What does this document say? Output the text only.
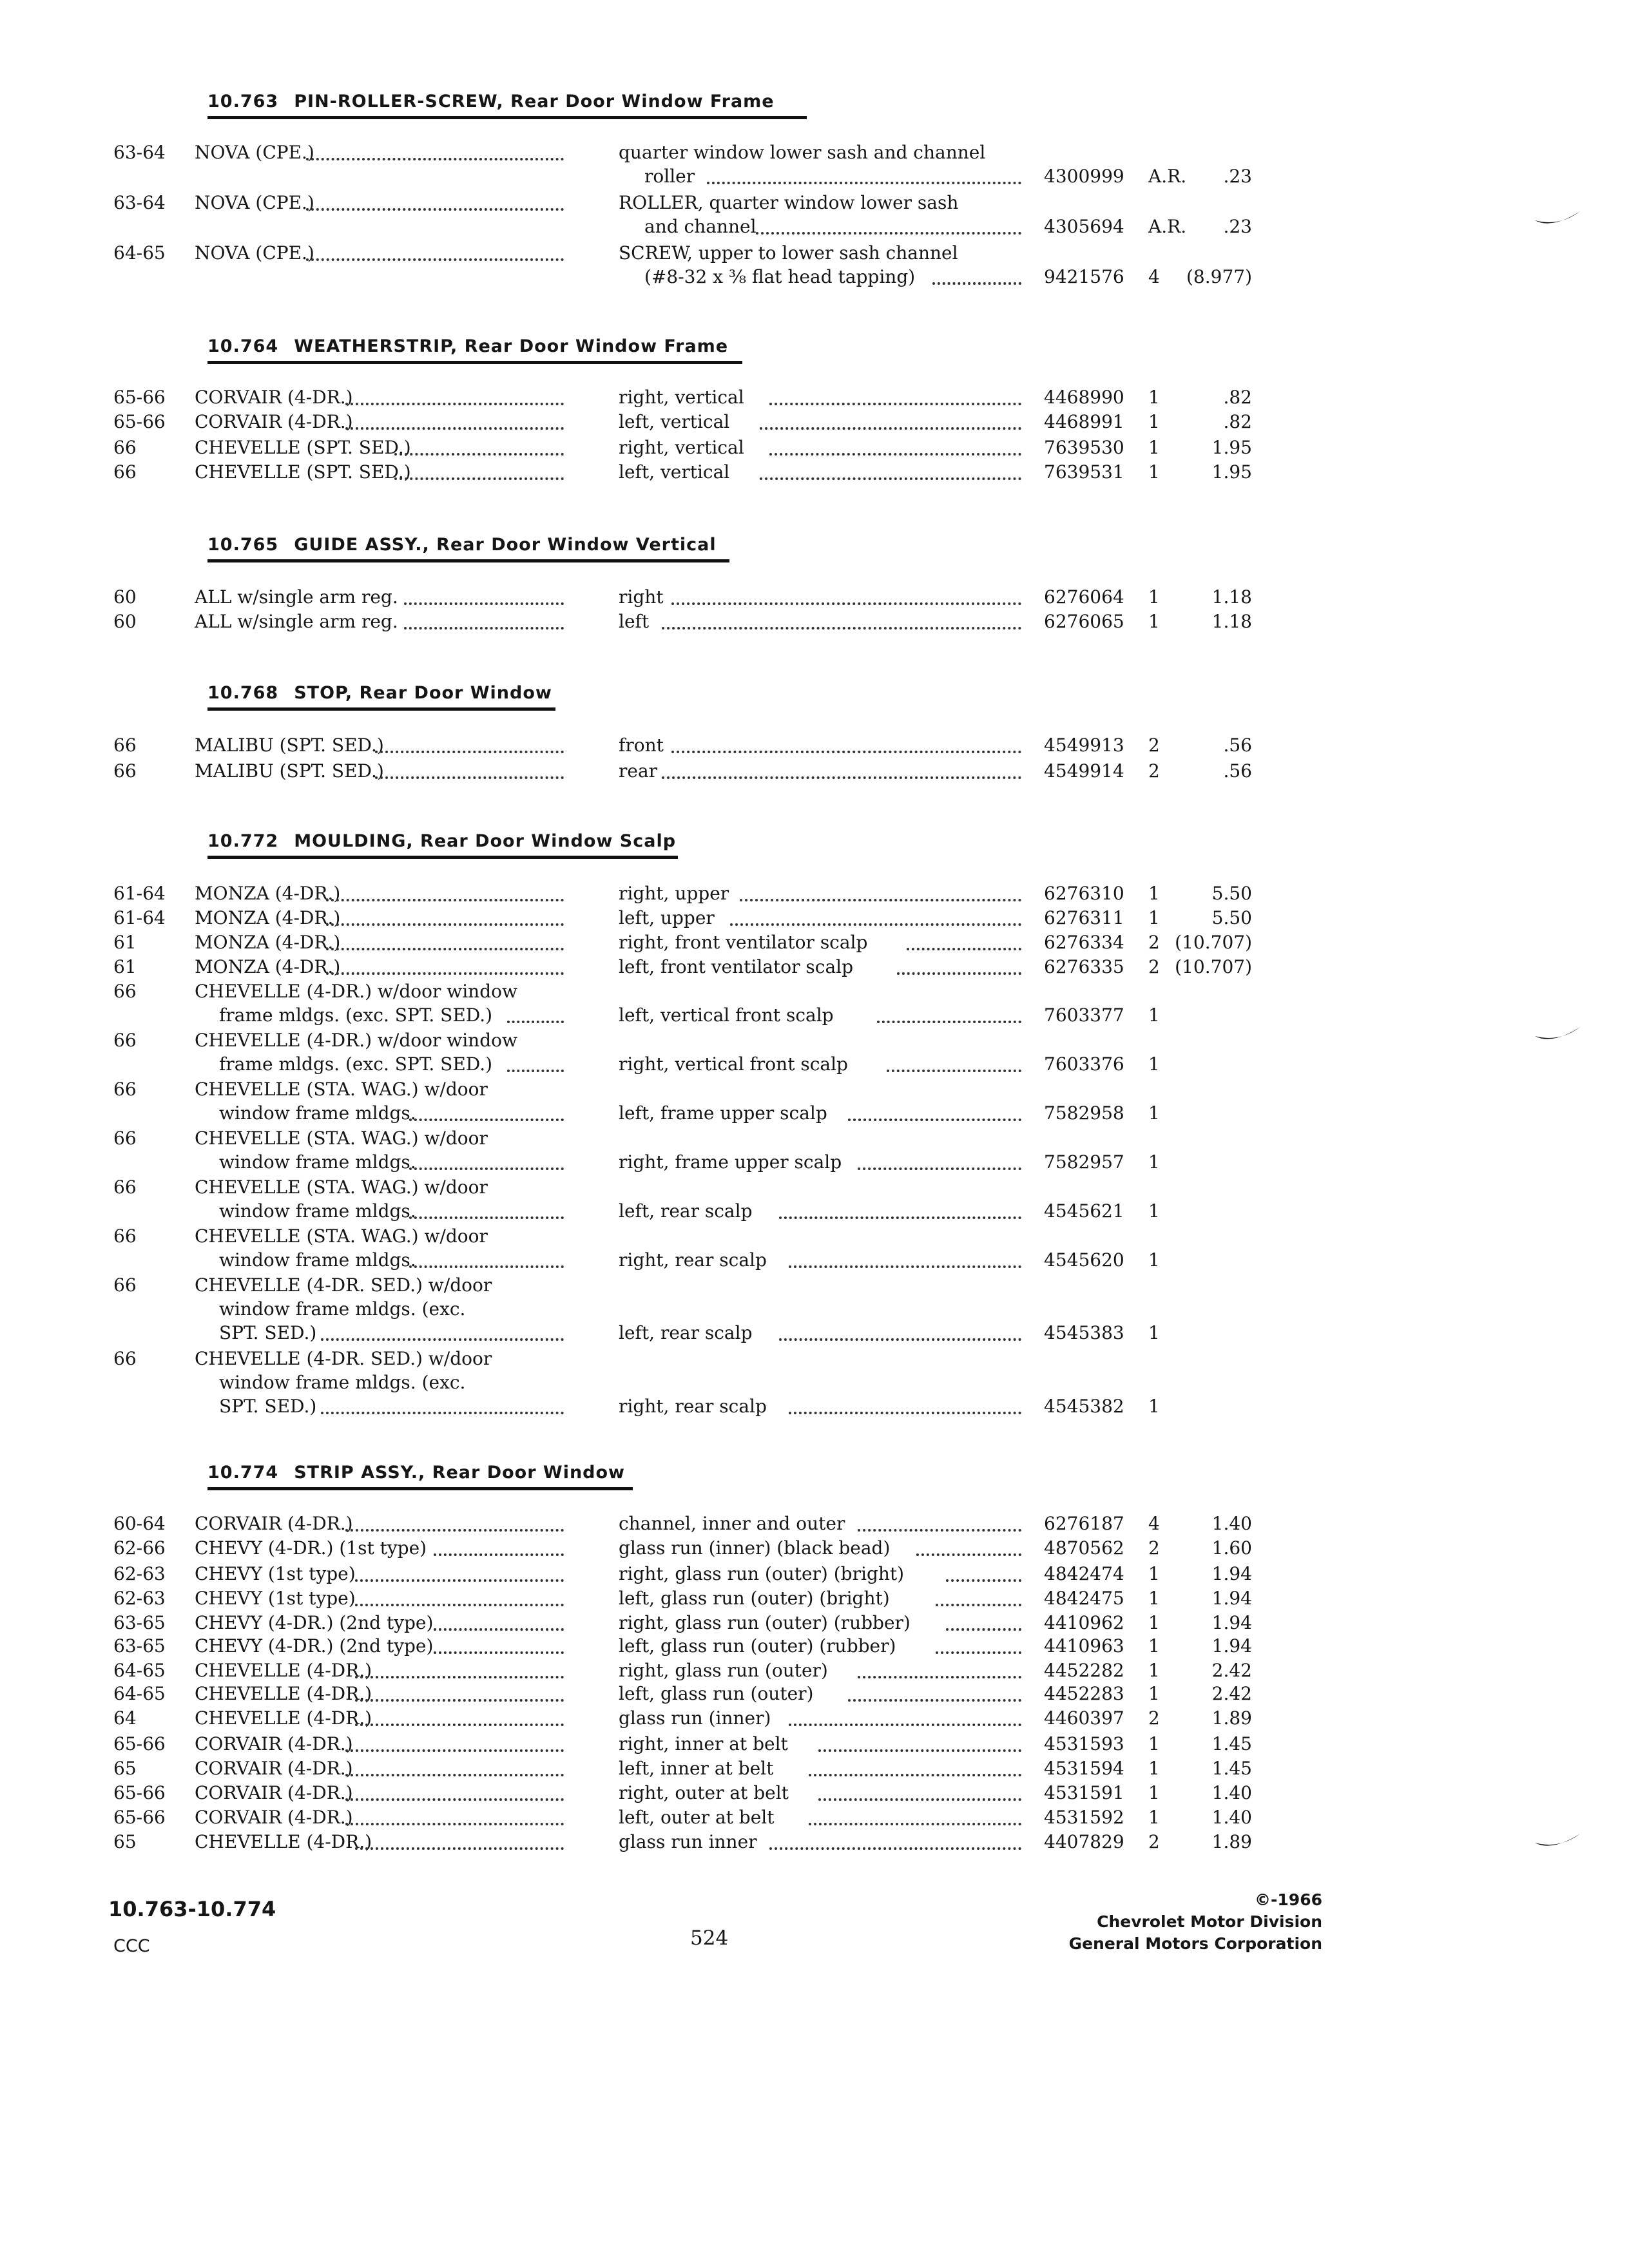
10.763 PIN-ROLLER-SCREW, Rear Door Window Frame
63-64 NOVA (CPE.)	quarter window lower sash and channel
roller	4300999 A.R. .23
63-64 NOVA (CPE.)	ROLLER, quarter window lower sash
and channel	4305694 A.R. .23
64-65 NOVA (CPE.)	SCREW, upper to lower sash channel
(#8-32 x ⅜ flat head tapping)	9421576 4 (8.977)
10.764 WEATHERSTRIP, Rear Door Window Frame
65-66 CORVAIR (4-DR.)	right, vertical	4468990 1	.82
65-66 CORVAIR (4-DR.)	left, vertical	4468991 1	.82
66	CHEVELLE (SPT. SED.)	right, vertical	7639530 1	1.95
66	CHEVELLE (SPT. SED.)	left, vertical	7639531 1	1.95
10.765 GUIDE ASSY., Rear Door Window Vertical
60	ALL w/single arm reg.	right	6276064 1	1.18
60	ALL w/single arm reg.	left	6276065 1	1.18
10.768 STOP, Rear Door Window
66	MALIBU (SPT. SED.)	front	4549913 2	.56
66	MALIBU (SPT. SED.)	rear	4549914 2	.56
10.772 MOULDING, Rear Door Window Scalp
61-64 MONZA (4-DR.)	right, upper	6276310 1	5.50
61-64 MONZA (4-DR.)	left, upper	6276311 1	5.50
61	MONZA (4-DR.)	right, front ventilator scalp	6276334 2 (10.707)
61	MONZA (4-DR.)	left, front ventilator scalp	6276335 2 (10.707)
66	CHEVELLE (4-DR.) w/door window
frame mldgs. (exc. SPT. SED.)	left, vertical front scalp	7603377 1
66	CHEVELLE (4-DR.) w/door window
frame mldgs. (exc. SPT. SED.)	right, vertical front scalp	7603376 1
66	CHEVELLE (STA. WAG.) w/door
window frame mldgs.	left, frame upper scalp	7582958 1
66	CHEVELLE (STA. WAG.) w/door
window frame mldgs.	right, frame upper scalp	7582957 1
66	CHEVELLE (STA. WAG.) w/door
window frame mldgs.	left, rear scalp	4545621 1
66	CHEVELLE (STA. WAG.) w/door
window frame mldgs.	right, rear scalp	4545620 1
66	CHEVELLE (4-DR. SED.) w/door
window frame mldgs. (exc.
SPT. SED.)	left, rear scalp	4545383 1
66	CHEVELLE (4-DR. SED.) w/door
window frame mldgs. (exc.
SPT. SED.)	right, rear scalp	4545382 1
10.774 STRIP ASSY., Rear Door Window
60-64 CORVAIR (4-DR.)	channel, inner and outer	6276187 4	1.40
62-66 CHEVY (4-DR.) (1st type)	glass run (inner) (black bead)	4870562 2	1.60
62-63 CHEVY (1st type)	right, glass run (outer) (bright)	4842474 1	1.94
62-63 CHEVY (1st type)	left, glass run (outer) (bright)	4842475 1	1.94
63-65 CHEVY (4-DR.) (2nd type)	right, glass run (outer) (rubber)	4410962 1	1.94
63-65 CHEVY (4-DR.) (2nd type)	left, glass run (outer) (rubber)	4410963 1	1.94
64-65 CHEVELLE (4-DR.)	right, glass run (outer)	4452282 1	2.42
64-65 CHEVELLE (4-DR.)	left, glass run (outer)	4452283 1	2.42
64	CHEVELLE (4-DR.)	glass run (inner)	4460397 2	1.89
65-66 CORVAIR (4-DR.)	right, inner at belt	4531593 1	1.45
65	CORVAIR (4-DR.)	left, inner at belt	4531594 1	1.45
65-66 CORVAIR (4-DR.)	right, outer at belt	4531591 1	1.40
65-66 CORVAIR (4-DR.)	left, outer at belt	4531592 1	1.40
65	CHEVELLE (4-DR.)	glass run inner	4407829 2	1.89
10.763-10.774
CCC	524
©-1966
Chevrolet Motor Division
General Motors Corporation
